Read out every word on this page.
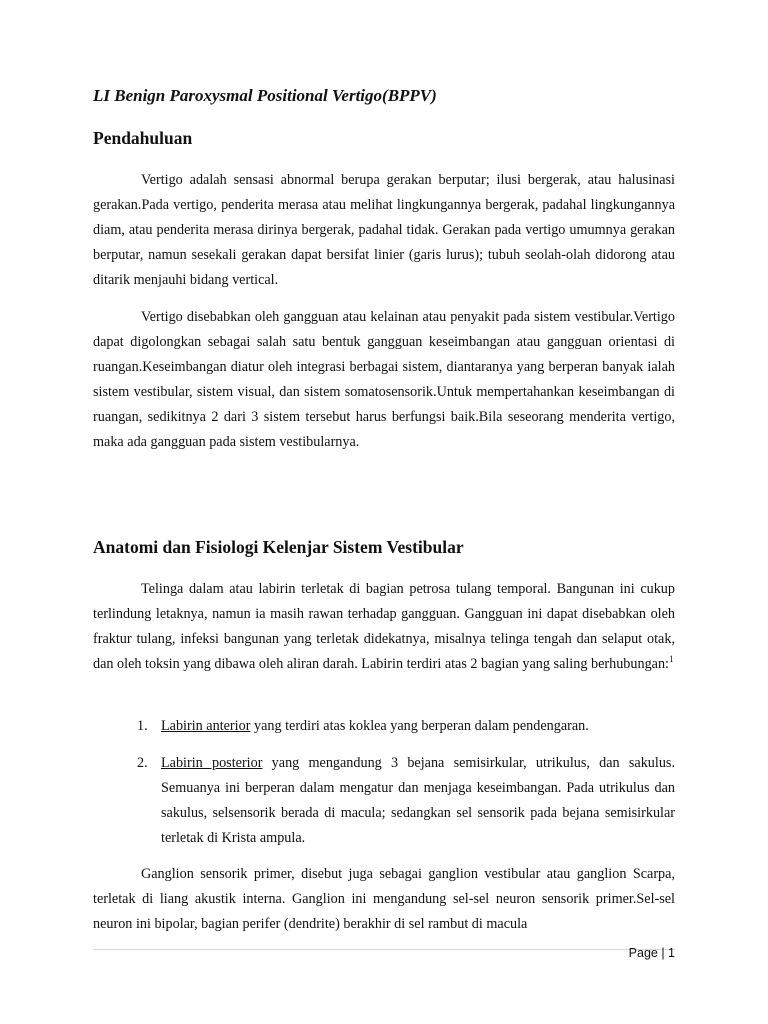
LI Benign Paroxysmal Positional Vertigo(BPPV)
Pendahuluan

Vertigo adalah sensasi abnormal berupa gerakan berputar; ilusi bergerak, atau halusinasi gerakan.Pada vertigo, penderita merasa atau melihat lingkungannya bergerak, padahal lingkungannya diam, atau penderita merasa dirinya bergerak, padahal tidak. Gerakan pada vertigo umumnya gerakan berputar, namun sesekali gerakan dapat bersifat linier (garis lurus); tubuh seolah-olah didorong atau ditarik menjauhi bidang vertical.

Vertigo disebabkan oleh gangguan atau kelainan atau penyakit pada sistem vestibular.Vertigo dapat digolongkan sebagai salah satu bentuk gangguan keseimbangan atau gangguan orientasi di ruangan.Keseimbangan diatur oleh integrasi berbagai sistem, diantaranya yang berperan banyak ialah sistem vestibular, sistem visual, dan sistem somatosensorik.Untuk mempertahankan keseimbangan di ruangan, sedikitnya 2 dari 3 sistem tersebut harus berfungsi baik.Bila seseorang menderita vertigo, maka ada gangguan pada sistem vestibularnya.

Anatomi dan Fisiologi Kelenjar Sistem Vestibular

Telinga dalam atau labirin terletak di bagian petrosa tulang temporal. Bangunan ini cukup terlindung letaknya, namun ia masih rawan terhadap gangguan. Gangguan ini dapat disebabkan oleh fraktur tulang, infeksi bangunan yang terletak didekatnya, misalnya telinga tengah dan selaput otak, dan oleh toksin yang dibawa oleh aliran darah. Labirin terdiri atas 2 bagian yang saling berhubungan:$^1$

1. Labirin anterior yang terdiri atas koklea yang berperan dalam pendengaran.
2. Labirin posterior yang mengandung 3 bejana semisirkular, utrikulus, dan sakulus. Semuanya ini berperan dalam mengatur dan menjaga keseimbangan. Pada utrikulus dan sakulus, selsensorik berada di macula; sedangkan sel sensorik pada bejana semisirkular terletak di Krista ampula.

Ganglion sensorik primer, disebut juga sebagai ganglion vestibular atau ganglion Scarpa, terletak di liang akustik interna. Ganglion ini mengandung sel-sel neuron sensorik primer.Sel-sel neuron ini bipolar, bagian perifer (dendrite) berakhir di sel rambut di macula

Page | 1
